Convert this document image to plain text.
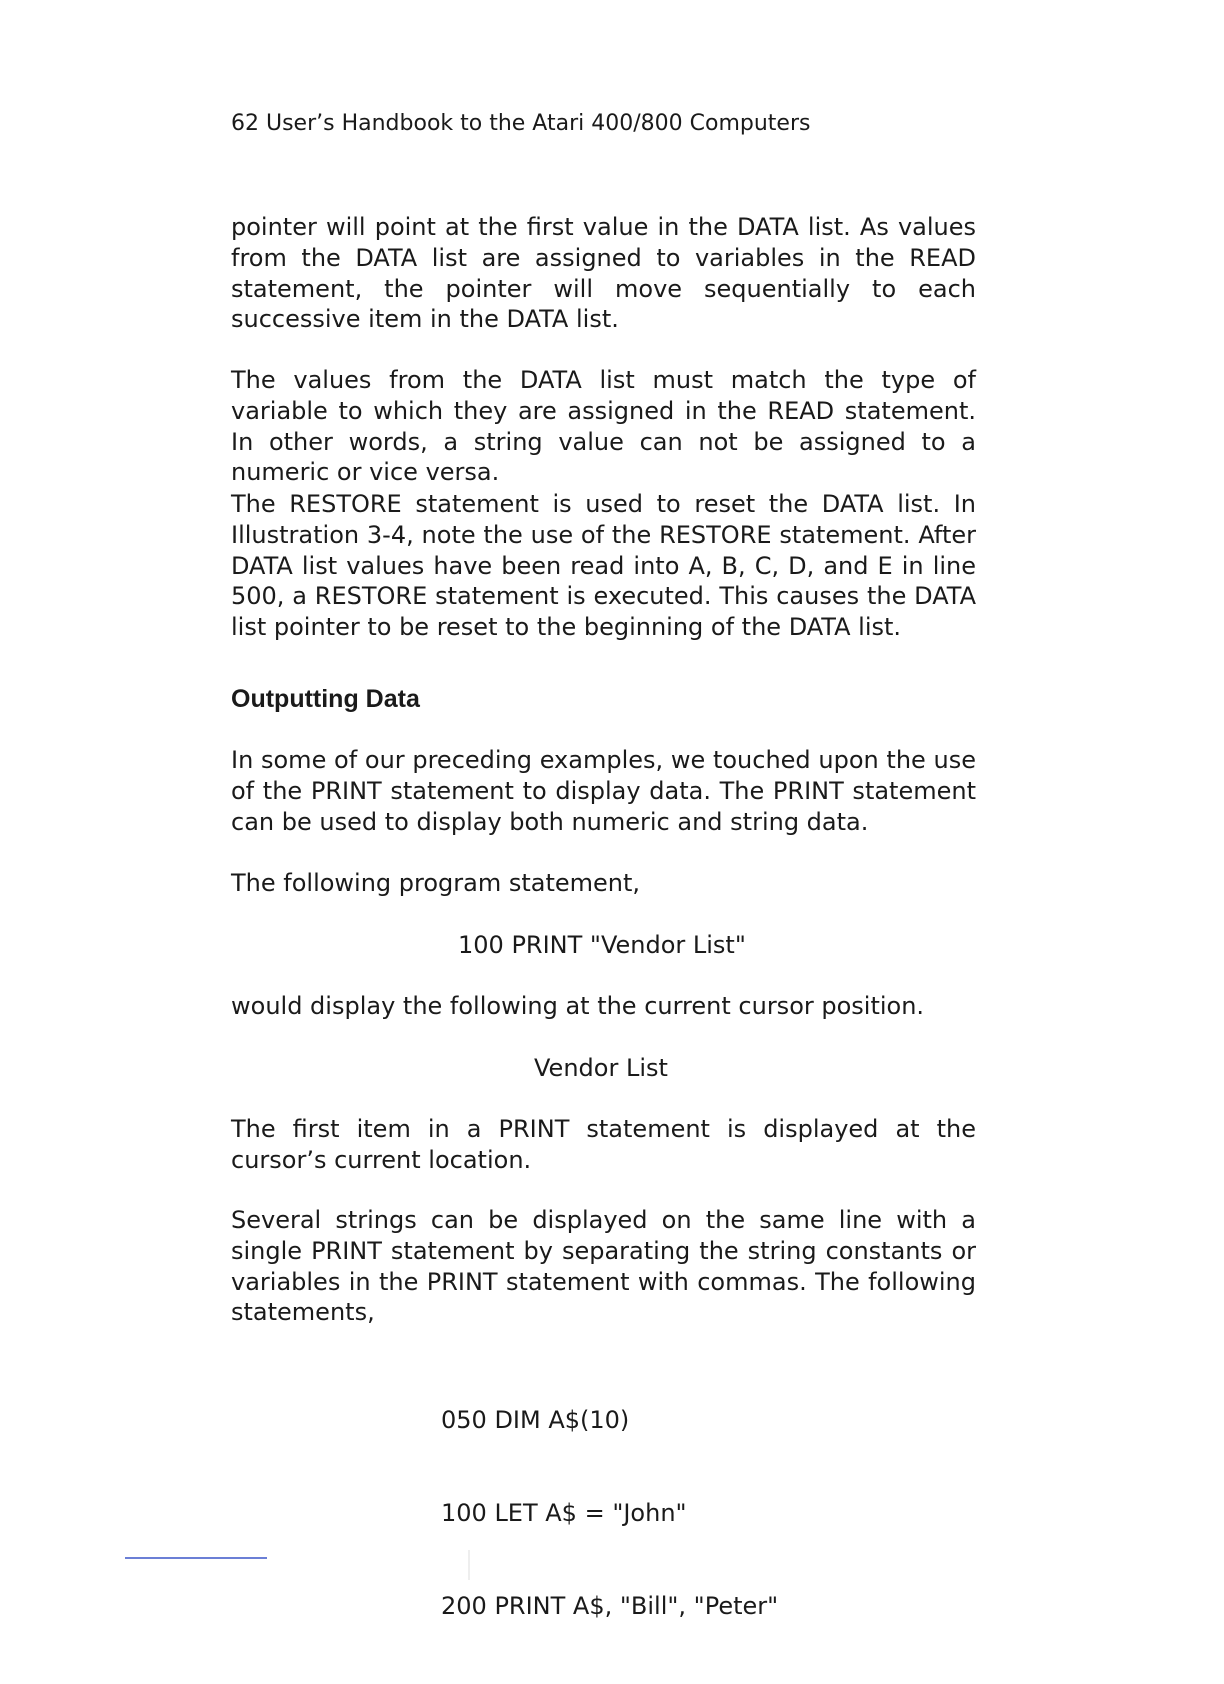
62 User’s Handbook to the Atari 400/800 Computers

pointer will point at the first value in the DATA list. As values from the DATA list are assigned to variables in the READ statement, the pointer will move sequentially to each successive item in the DATA list.

The values from the DATA list must match the type of variable to which they are assigned in the READ statement. In other words, a string value can not be assigned to a numeric or vice versa.

The RESTORE statement is used to reset the DATA list. In Illustration 3-4, note the use of the RESTORE statement. After DATA list values have been read into A, B, C, D, and E in line 500, a RESTORE statement is executed. This causes the DATA list pointer to be reset to the beginning of the DATA list.

Outputting Data

In some of our preceding examples, we touched upon the use of the PRINT statement to display data. The PRINT statement can be used to display both numeric and string data.

The following program statement,

100 PRINT "Vendor List"

would display the following at the current cursor position.

Vendor List

The first item in a PRINT statement is displayed at the cursor’s current location.

Several strings can be displayed on the same line with a single PRINT statement by separating the string constants or variables in the PRINT statement with commas. The following statements,

050 DIM A$(10)

100 LET A$ = "John"

200 PRINT A$, "Bill", "Peter"
